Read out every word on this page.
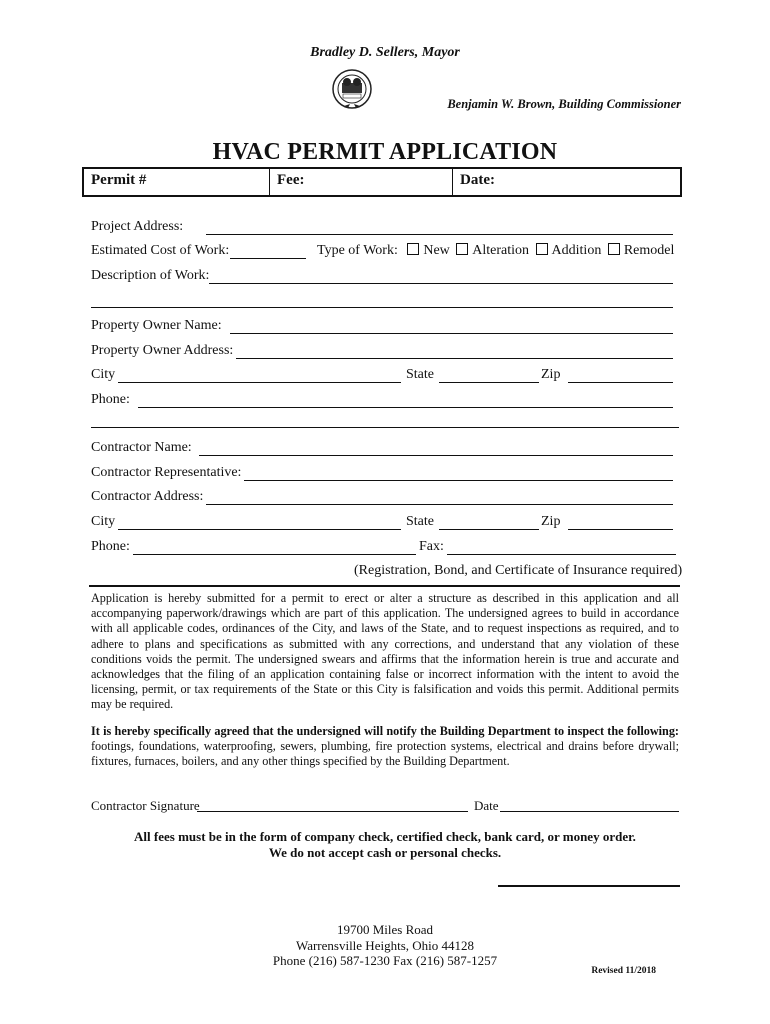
Bradley D. Sellers, Mayor
Benjamin W. Brown, Building Commissioner
HVAC PERMIT APPLICATION
Permit #	Fee:	Date:
Project Address:
Estimated Cost of Work:	Type of Work: New Alteration Addition Remodel
Description of Work:
Property Owner Name:
Property Owner Address:
City	State	Zip
Phone:
Contractor Name:
Contractor Representative:
Contractor Address:
City	State	Zip
Phone:	Fax:
(Registration, Bond, and Certificate of Insurance required)
Application is hereby submitted for a permit to erect or alter a structure as described in this application and all accompanying paperwork/drawings which are part of this application. The undersigned agrees to build in accordance with all applicable codes, ordinances of the City, and laws of the State, and to request inspections as required, and to adhere to plans and specifications as submitted with any corrections, and understand that any violation of these conditions voids the permit. The undersigned swears and affirms that the information herein is true and accurate and acknowledges that the filing of an application containing false or incorrect information with the intent to avoid the licensing, permit, or tax requirements of the State or this City is falsification and voids this permit. Additional permits may be required.
It is hereby specifically agreed that the undersigned will notify the Building Department to inspect the following: footings, foundations, waterproofing, sewers, plumbing, fire protection systems, electrical and drains before drywall; fixtures, furnaces, boilers, and any other things specified by the Building Department.
Contractor Signature	Date
All fees must be in the form of company check, certified check, bank card, or money order.
We do not accept cash or personal checks.
19700 Miles Road
Warrensville Heights, Ohio 44128
Phone (216) 587-1230 Fax (216) 587-1257
Revised 11/2018
